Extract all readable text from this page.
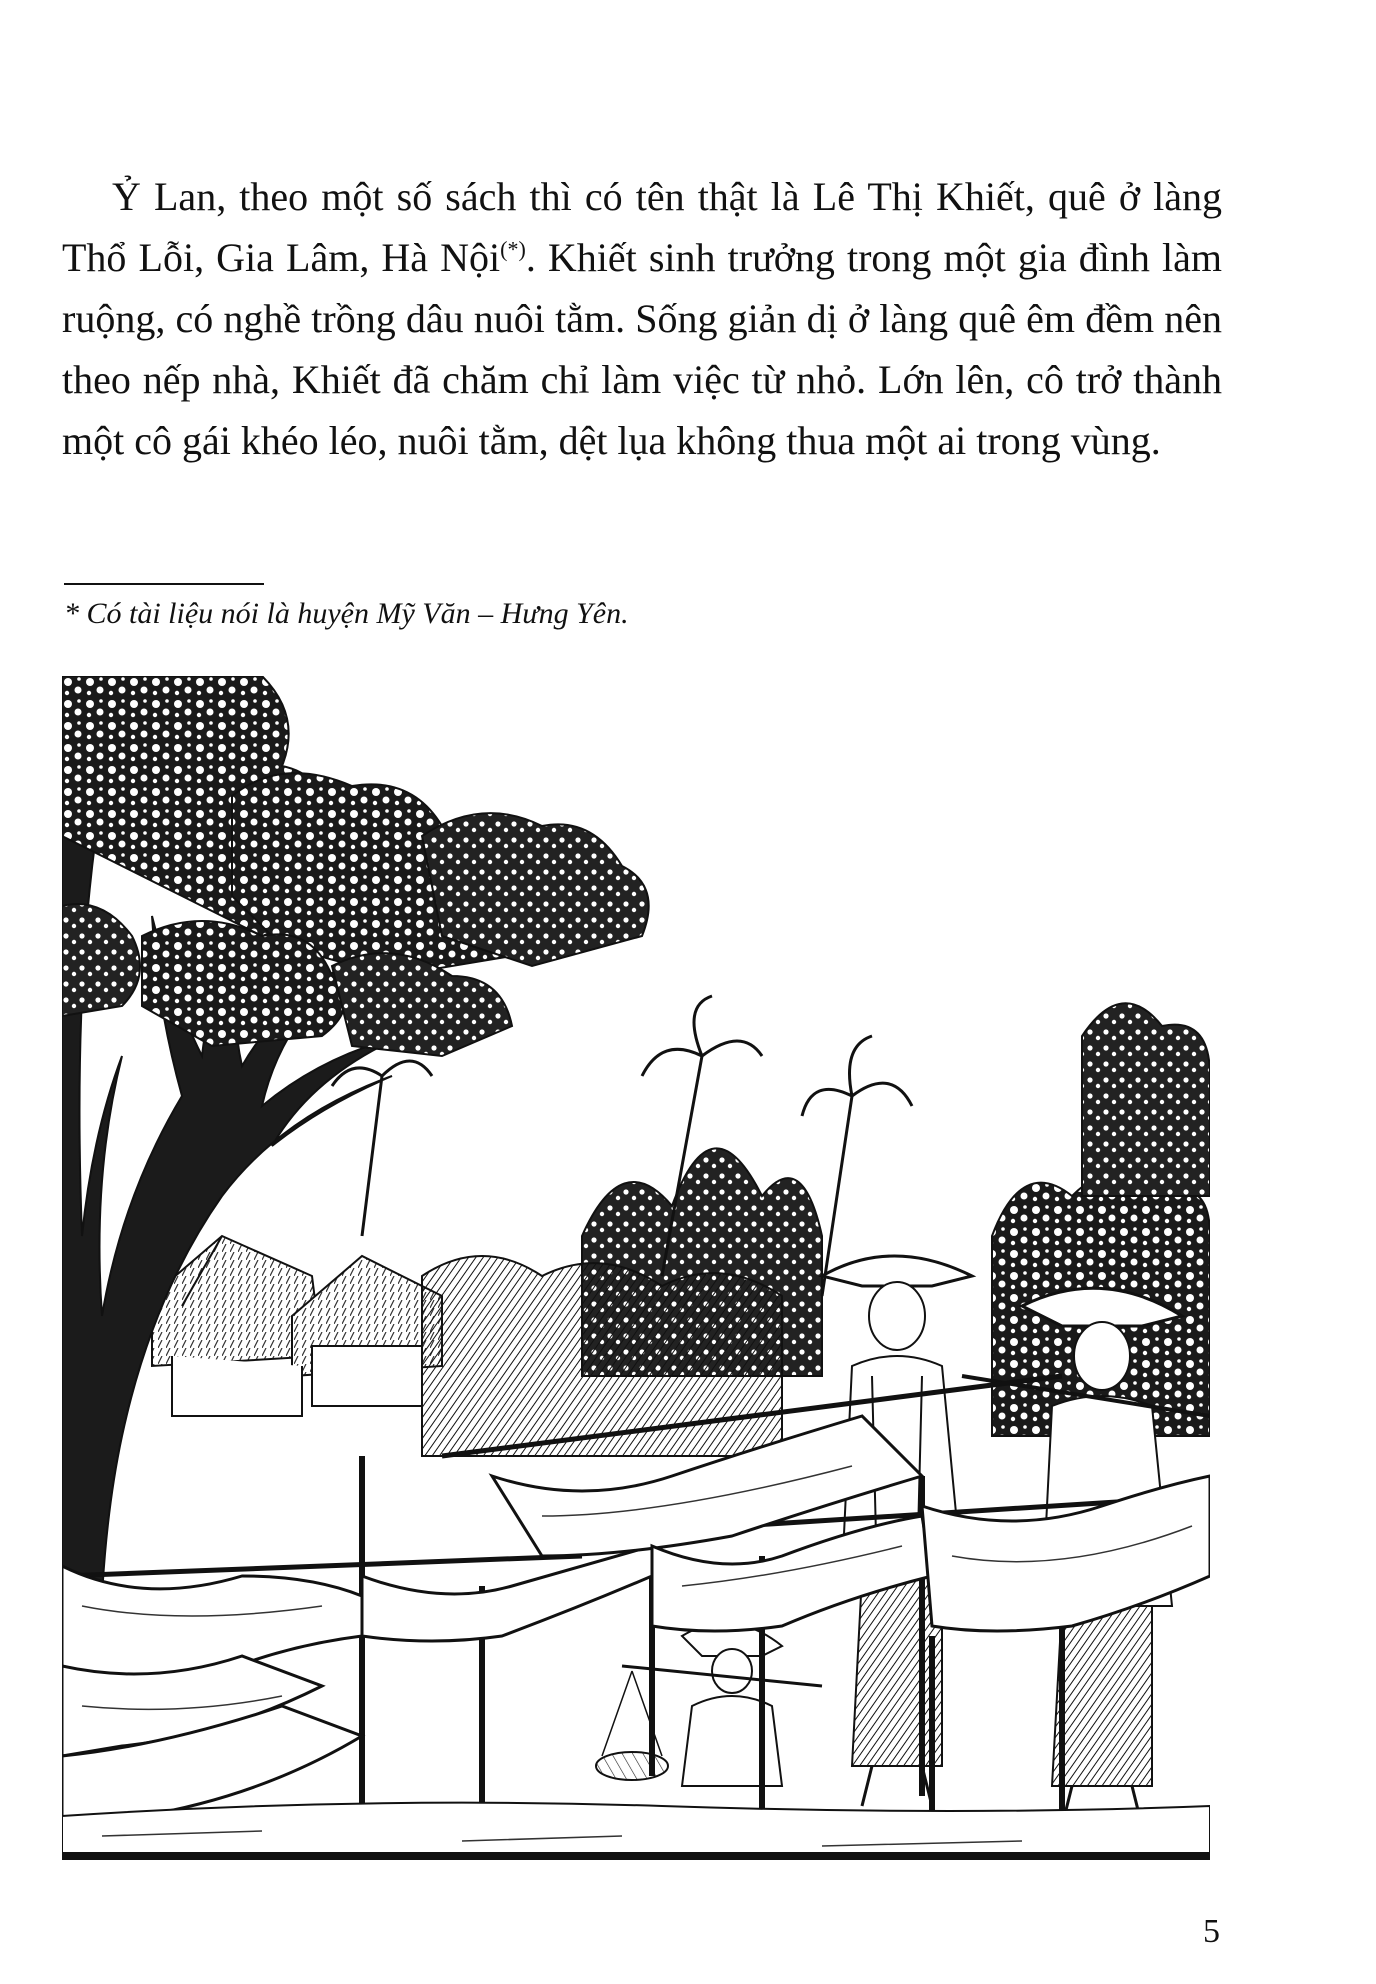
Ỷ Lan, theo một số sách thì có tên thật là Lê Thị Khiết, quê ở làng Thổ Lỗi, Gia Lâm, Hà Nội(*). Khiết sinh trưởng trong một gia đình làm ruộng, có nghề trồng dâu nuôi tằm. Sống giản dị ở làng quê êm đềm nên theo nếp nhà, Khiết đã chăm chỉ làm việc từ nhỏ. Lớn lên, cô trở thành một cô gái khéo léo, nuôi tằm, dệt lụa không thua một ai trong vùng.

* Có tài liệu nói là huyện Mỹ Văn – Hưng Yên.

5
